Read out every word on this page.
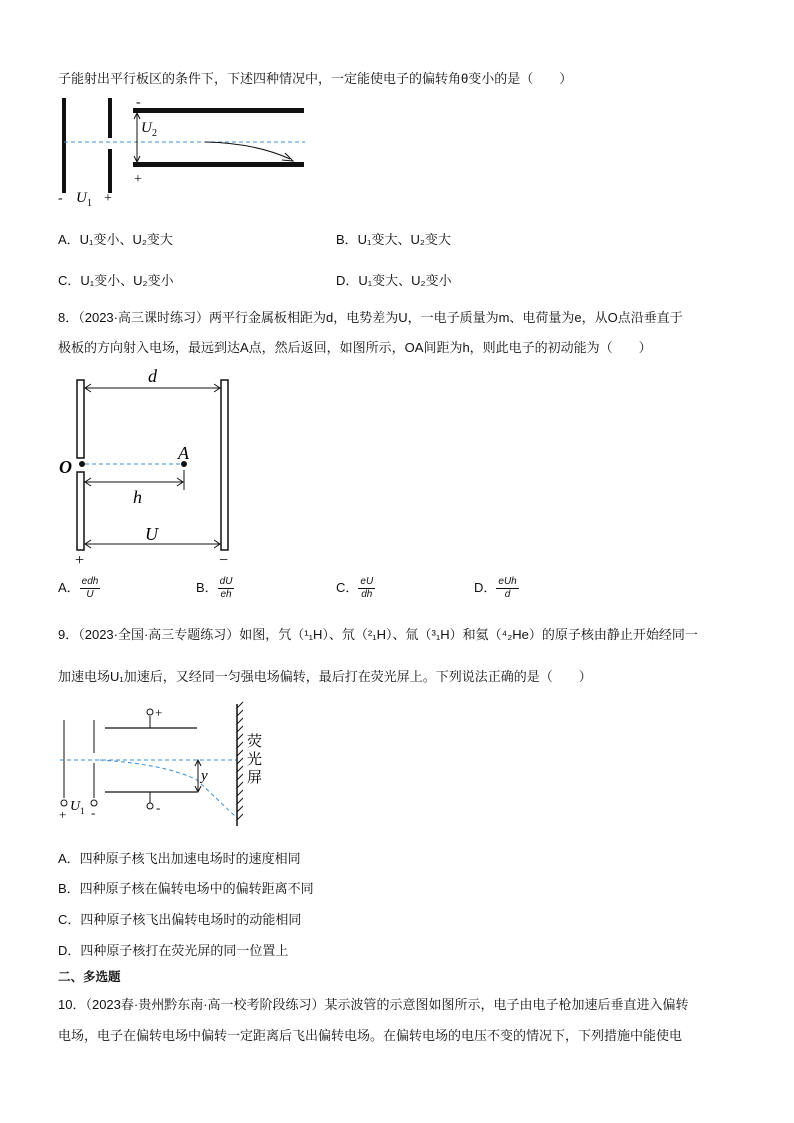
子能射出平行板区的条件下，下述四种情况中，一定能使电子的偏转角θ变小的是（　　）
U 2
-
+
- U 1 +
A．U₁变小、U₂变大	B．U₁变大、U₂变大
C．U₁变小、U₂变小	D．U₁变大、U₂变小
8．（2023·高三课时练习）两平行金属板相距为d，电势差为U，一电子质量为m、电荷量为e，从O点沿垂直于
极板的方向射入电场，最远到达A点，然后返回，如图所示，OA间距为h，则此电子的初动能为（　　）
d
O
A
h
U
+	−
A． $\frac{\text{edh}}{U}$	B． $\frac{dU}{eh}$	C． $\frac{eU}{dh}$	D． $\frac{\text{eUh}}{d}$
9．（2023·全国·高三专题练习）如图，氕（¹₁H）、氘（²₁H）、氚（³₁H）和氦（⁴₂He）的原子核由静止开始经同一
加速电场U₁加速后，又经同一匀强电场偏转，最后打在荧光屏上。下列说法正确的是（　　）
+
U 1 -
+
-
y
荧
光
屏
A．四种原子核飞出加速电场时的速度相同
B．四种原子核在偏转电场中的偏转距离不同
C．四种原子核飞出偏转电场时的动能相同
D．四种原子核打在荧光屏的同一位置上
二、多选题
10．（2023春·贵州黔东南·高一校考阶段练习）某示波管的示意图如图所示，电子由电子枪加速后垂直进入偏转
电场，电子在偏转电场中偏转一定距离后飞出偏转电场。在偏转电场的电压不变的情况下，下列措施中能使电
